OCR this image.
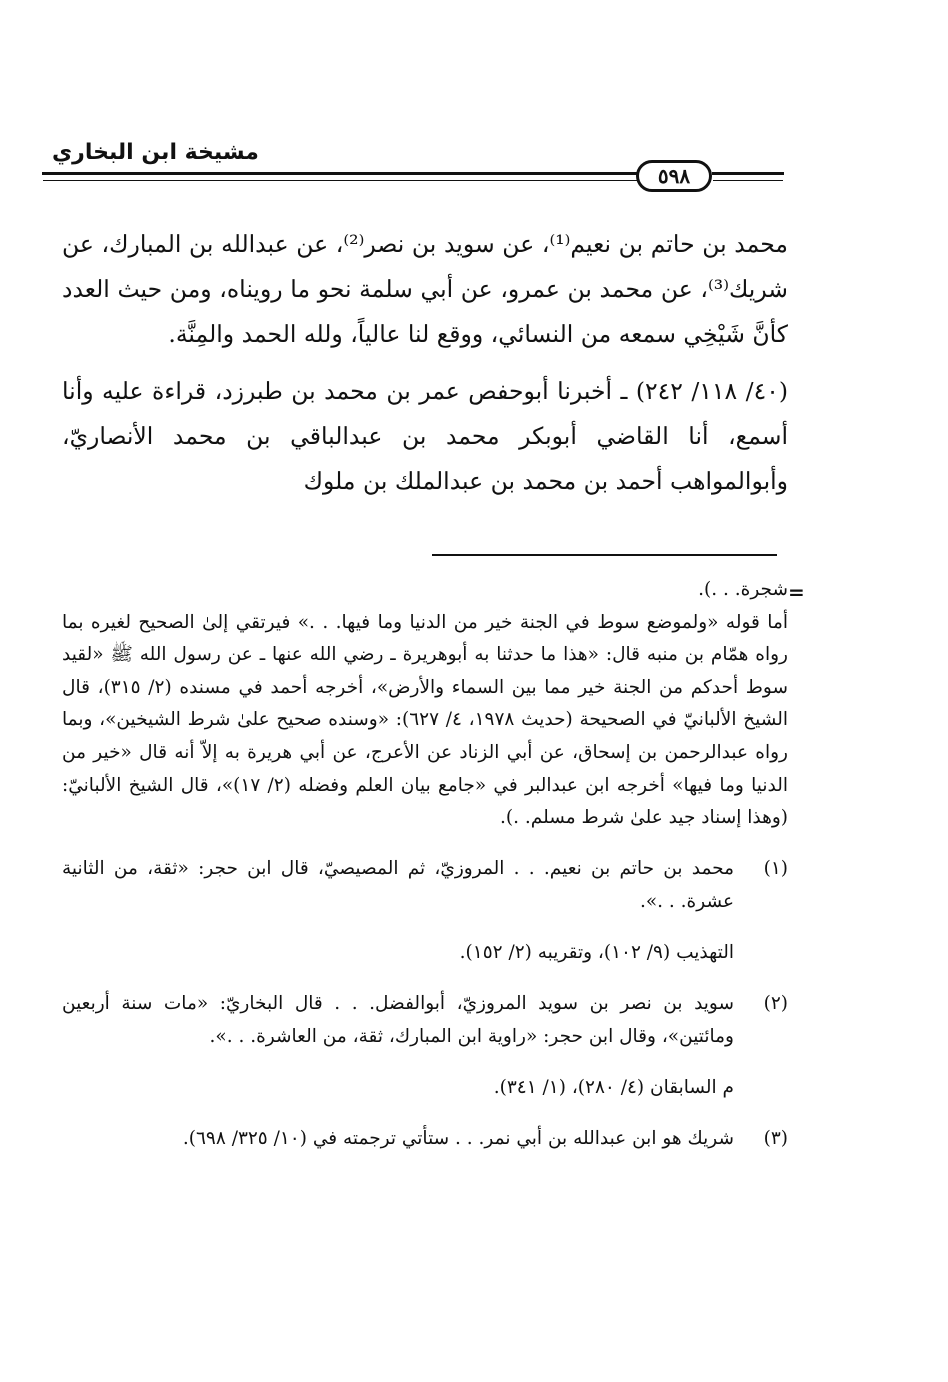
مشيخة ابن البخاري
٥٩٨

محمد بن حاتم بن نعيم⁽¹⁾، عن سويد بن نصر⁽²⁾، عن عبدالله بن المبارك، عن شريك⁽³⁾، عن محمد بن عمرو، عن أبي سلمة نحو ما رويناه، ومن حيث العدد كأنَّ شَيْخِي سمعه من النسائي، ووقع لنا عالياً، ولله الحمد والمِنَّة.

(٤٠/ ١١٨/ ٢٤٢) ـ أخبرنا أبوحفص عمر بن محمد بن طبرزد، قراءة عليه وأنا أسمع، أنا القاضي أبوبكر محمد بن عبدالباقي بن محمد الأنصاريّ، وأبوالمواهب أحمد بن محمد بن عبدالملك بن ملوك

=

شجرة. . .).

أما قوله «ولموضع سوط في الجنة خير من الدنيا وما فيها. . .» فيرتقي إلىٰ الصحيح لغيره بما رواه همّام بن منبه قال: «هذا ما حدثنا به أبوهريرة ـ رضي الله عنها ـ عن رسول الله ﷺ «لقيد سوط أحدكم من الجنة خير مما بين السماء والأرض»، أخرجه أحمد في مسنده (٢/ ٣١٥)، قال الشيخ الألبانيّ في الصحيحة (حديث ١٩٧٨، ٤/ ٦٢٧): «وسنده صحيح علىٰ شرط الشيخين»، وبما رواه عبدالرحمن بن إسحاق، عن أبي الزناد عن الأعرج، عن أبي هريرة به إلاّ أنه قال «خير من الدنيا وما فيها» أخرجه ابن عبدالبر في «جامع بيان العلم وفضله (٢/ ١٧)»، قال الشيخ الألبانيّ: (وهذا إسناد جيد علىٰ شرط مسلم. .).

(١)

محمد بن حاتم بن نعيم. . . المروزيّ، ثم المصيصيّ، قال ابن حجر: «ثقة، من الثانية عشرة. . .».

التهذيب (٩/ ١٠٢)، وتقريبه (٢/ ١٥٢).

(٢)

سويد بن نصر بن سويد المروزيّ، أبوالفضل. . . قال البخاريّ: «مات سنة أربعين ومائتين»، وقال ابن حجر: «راوية ابن المبارك، ثقة، من العاشرة. . .».

م السابقان (٤/ ٢٨٠)، (١/ ٣٤١).

(٣)

شريك هو ابن عبدالله بن أبي نمر. . . ستأتي ترجمته في (١٠/ ٣٢٥/ ٦٩٨).
